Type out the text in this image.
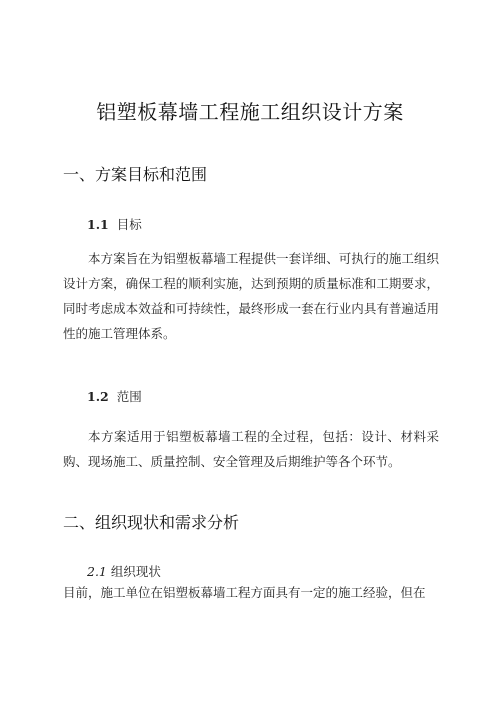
铝塑板幕墙工程施工组织设计方案
一、方案目标和范围
1.1 目标
本方案旨在为铝塑板幕墙工程提供一套详细、可执行的施工组织设计方案，确保工程的顺利实施，达到预期的质量标准和工期要求，同时考虑成本效益和可持续性，最终形成一套在行业内具有普遍适用性的施工管理体系。
1.2 范围
本方案适用于铝塑板幕墙工程的全过程，包括：设计、材料采购、现场施工、质量控制、安全管理及后期维护等各个环节。
二、组织现状和需求分析
2.1 组织现状
目前，施工单位在铝塑板幕墙工程方面具有一定的施工经验，但在
